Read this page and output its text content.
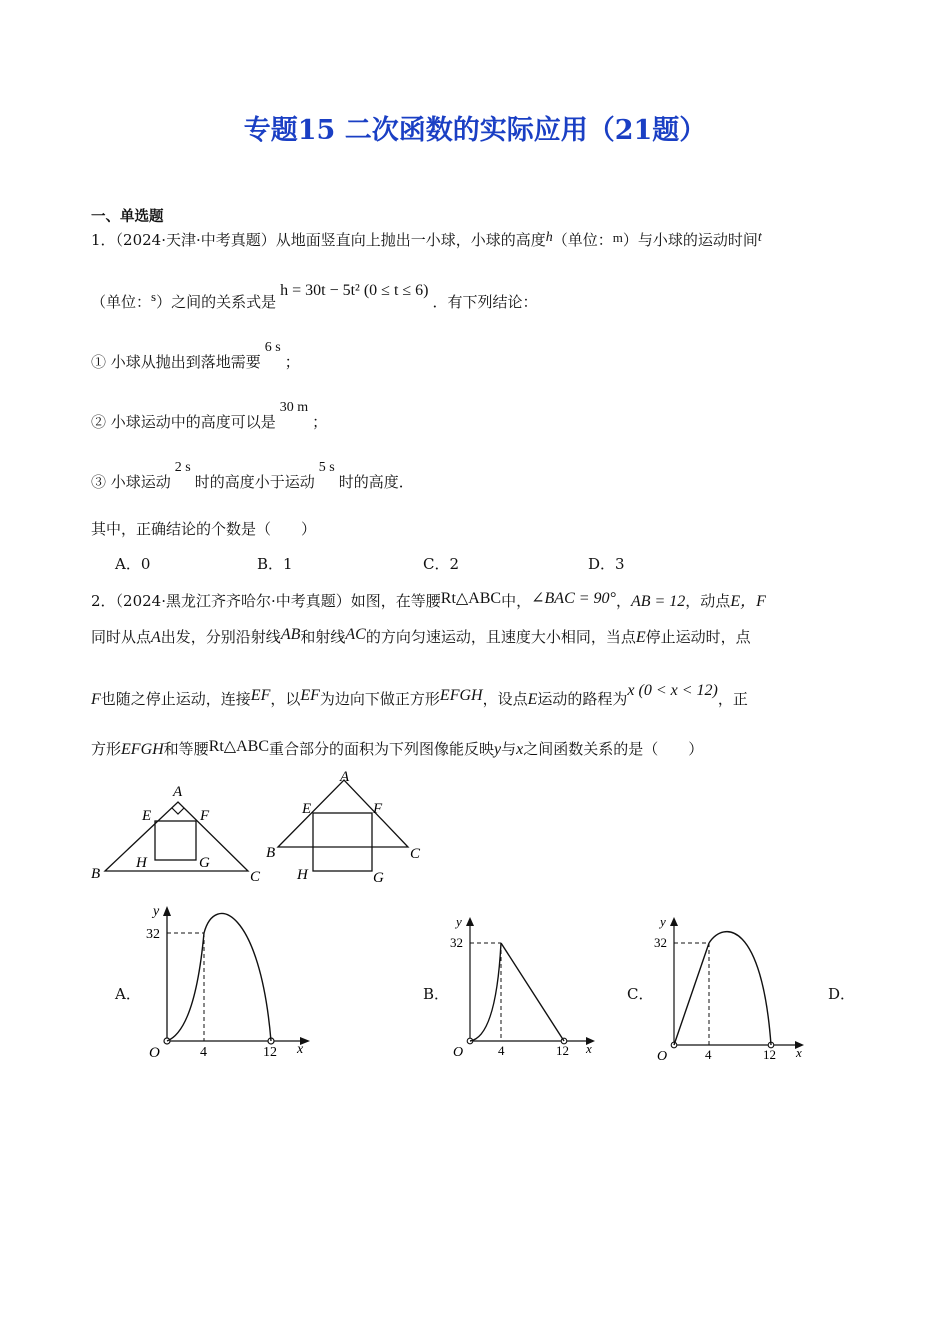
专题15 二次函数的实际应用（21题）
一、单选题
1．（2024·天津·中考真题）从地面竖直向上抛出一小球，小球的高度h（单位：m）与小球的运动时间t
（单位：s）之间的关系式是h = 30t − 5t² (0 ≤ t ≤ 6)．有下列结论：
① 小球从抛出到落地需要6 s；
② 小球运动中的高度可以是30 m；
③ 小球运动2 s时的高度小于运动5 s时的高度．
其中，正确结论的个数是（　　）
A．0	B．1	C．2	D．3
2．（2024·黑龙江齐齐哈尔·中考真题）如图，在等腰Rt△ABC中，∠BAC = 90°，AB = 12，动点E，F
同时从点A出发，分别沿射线AB和射线AC的方向匀速运动，且速度大小相同，当点E停止运动时，点
F也随之停止运动，连接EF，以EF为边向下做正方形EFGH，设点E运动的路程为x (0 < x < 12)，正
方形EFGH和等腰Rt△ABC重合部分的面积为下列图像能反映y与x之间函数关系的是（　　）
A
B	C
E	F
H	G
A
B	C
E	F
H	G
A．
y
32
O	4	12 x
B．
y
32
O	4	12 x
C．
y
32
O	4	12 x
D．
